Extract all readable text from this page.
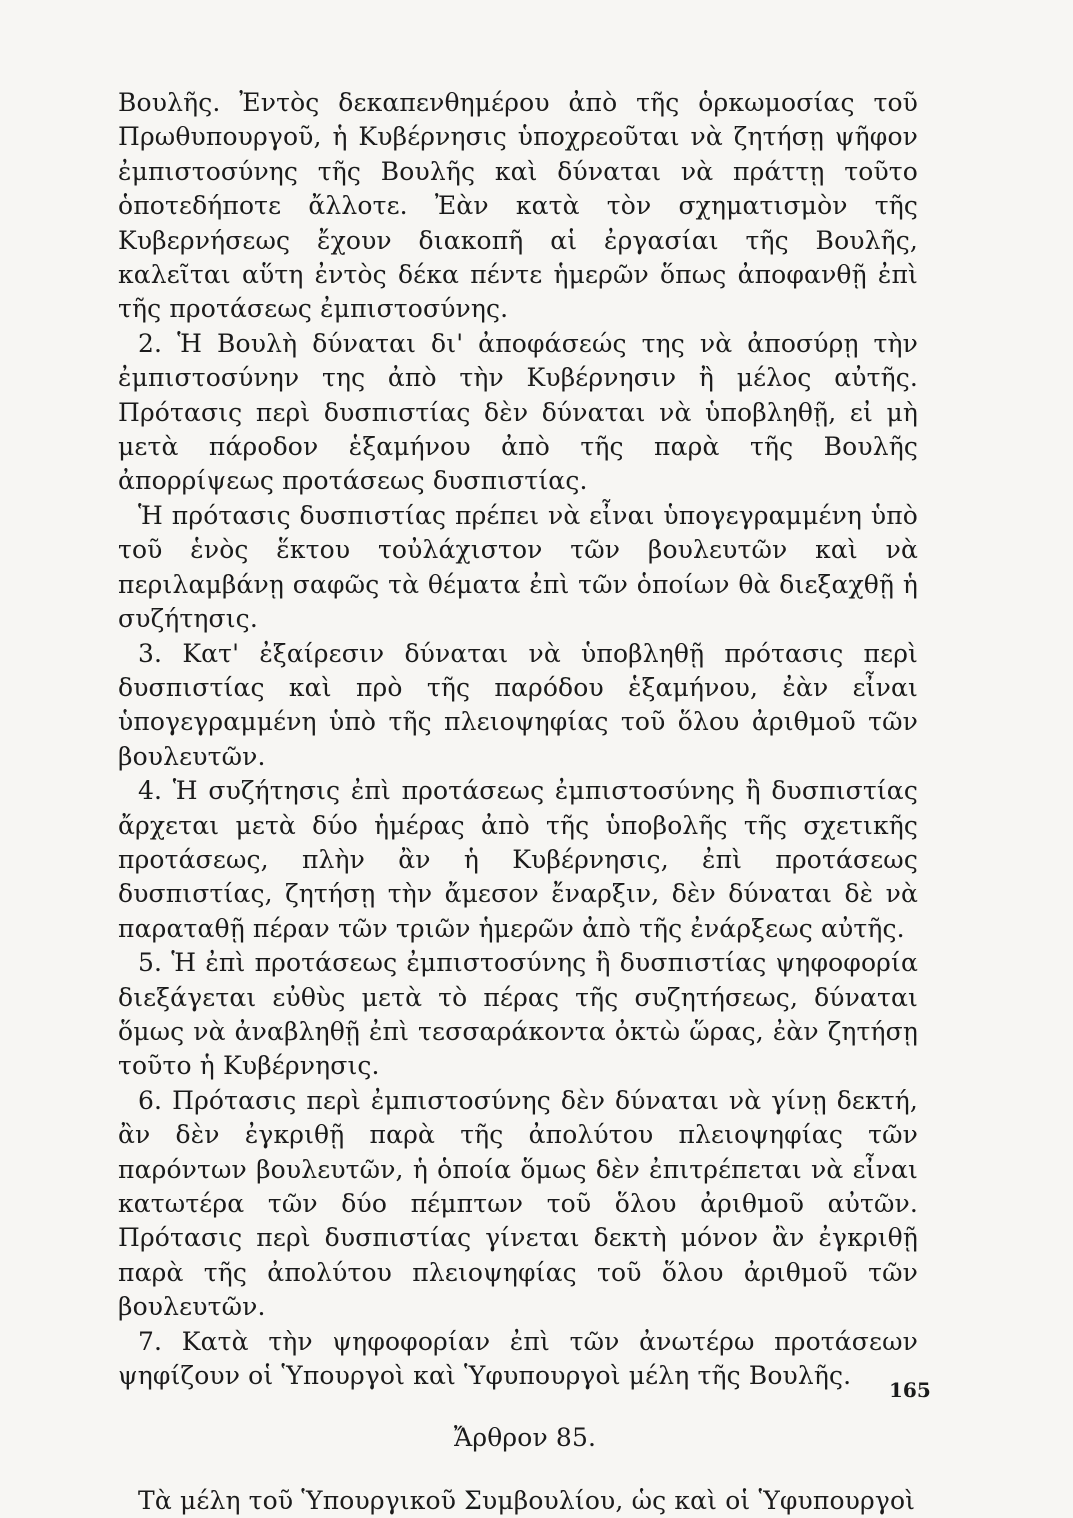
Βουλῆς. Ἐντὸς δεκαπενθημέρου ἀπὸ τῆς ὁρκωμοσίας τοῦ Πρωθυπουργοῦ, ἡ Κυβέρνησις ὑποχρεοῦται νὰ ζητήσῃ ψῆφον ἐμπιστοσύνης τῆς Βουλῆς καὶ δύναται νὰ πράττῃ τοῦτο ὁποτεδήποτε ἄλλοτε. Ἐὰν κατὰ τὸν σχηματισμὸν τῆς Κυβερνήσεως ἔχουν διακοπῆ αἱ ἐργασίαι τῆς Βουλῆς, καλεῖται αὕτη ἐντὸς δέκα πέντε ἡμερῶν ὅπως ἀποφανθῇ ἐπὶ τῆς προτάσεως ἐμπιστοσύνης.

2. Ἡ Βουλὴ δύναται δι' ἀποφάσεώς της νὰ ἀποσύρῃ τὴν ἐμπιστοσύνην της ἀπὸ τὴν Κυβέρνησιν ἢ μέλος αὐτῆς. Πρότασις περὶ δυσπιστίας δὲν δύναται νὰ ὑποβληθῇ, εἰ μὴ μετὰ πάροδον ἑξαμήνου ἀπὸ τῆς παρὰ τῆς Βουλῆς ἀπορρίψεως προτάσεως δυσπιστίας.

Ἡ πρότασις δυσπιστίας πρέπει νὰ εἶναι ὑπογεγραμμένη ὑπὸ τοῦ ἑνὸς ἕκτου τοὐλάχιστον τῶν βουλευτῶν καὶ νὰ περιλαμβάνῃ σαφῶς τὰ θέματα ἐπὶ τῶν ὁποίων θὰ διεξαχθῇ ἡ συζήτησις.

3. Κατ' ἐξαίρεσιν δύναται νὰ ὑποβληθῇ πρότασις περὶ δυσπιστίας καὶ πρὸ τῆς παρόδου ἑξαμήνου, ἐὰν εἶναι ὑπογεγραμμένη ὑπὸ τῆς πλειοψηφίας τοῦ ὅλου ἀριθμοῦ τῶν βουλευτῶν.

4. Ἡ συζήτησις ἐπὶ προτάσεως ἐμπιστοσύνης ἢ δυσπιστίας ἄρχεται μετὰ δύο ἡμέρας ἀπὸ τῆς ὑποβολῆς τῆς σχετικῆς προτάσεως, πλὴν ἂν ἡ Κυβέρνησις, ἐπὶ προτάσεως δυσπιστίας, ζητήσῃ τὴν ἄμεσον ἔναρξιν, δὲν δύναται δὲ νὰ παραταθῇ πέραν τῶν τριῶν ἡμερῶν ἀπὸ τῆς ἐνάρξεως αὐτῆς.

5. Ἡ ἐπὶ προτάσεως ἐμπιστοσύνης ἢ δυσπιστίας ψηφοφορία διεξάγεται εὐθὺς μετὰ τὸ πέρας τῆς συζητήσεως, δύναται ὅμως νὰ ἀναβληθῇ ἐπὶ τεσσαράκοντα ὀκτὼ ὥρας, ἐὰν ζητήσῃ τοῦτο ἡ Κυβέρνησις.

6. Πρότασις περὶ ἐμπιστοσύνης δὲν δύναται νὰ γίνῃ δεκτή, ἂν δὲν ἐγκριθῇ παρὰ τῆς ἀπολύτου πλειοψηφίας τῶν παρόντων βουλευτῶν, ἡ ὁποία ὅμως δὲν ἐπιτρέπεται νὰ εἶναι κατωτέρα τῶν δύο πέμπτων τοῦ ὅλου ἀριθμοῦ αὐτῶν. Πρότασις περὶ δυσπιστίας γίνεται δεκτὴ μόνον ἂν ἐγκριθῇ παρὰ τῆς ἀπολύτου πλειοψηφίας τοῦ ὅλου ἀριθμοῦ τῶν βουλευτῶν.

7. Κατὰ τὴν ψηφοφορίαν ἐπὶ τῶν ἀνωτέρω προτάσεων ψηφίζουν οἱ Ὑπουργοὶ καὶ Ὑφυπουργοὶ μέλη τῆς Βουλῆς.

Ἄρθρον 85.

Τὰ μέλη τοῦ Ὑπουργικοῦ Συμβουλίου, ὡς καὶ οἱ Ὑφυπουργοὶ

165
